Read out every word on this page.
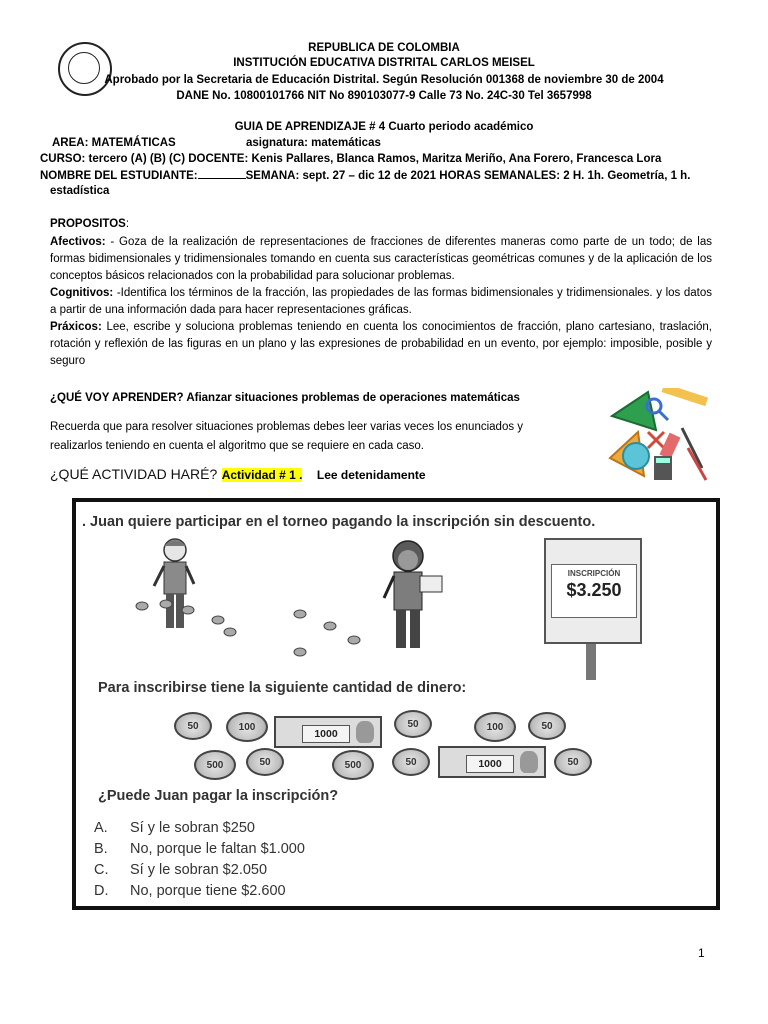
REPUBLICA DE COLOMBIA
INSTITUCIÓN EDUCATIVA DISTRITAL CARLOS MEISEL
Aprobado por la Secretaria de Educación Distrital. Según Resolución 001368 de noviembre 30 de 2004
DANE No. 10800101766 NIT No 890103077-9 Calle 73 No. 24C-30 Tel 3657998
GUIA DE APRENDIZAJE # 4 Cuarto periodo académico
AREA: MATEMÁTICAS	asignatura: matemáticas
CURSO: tercero (A) (B) (C) DOCENTE: Kenis Pallares, Blanca Ramos, Maritza Meriño, Ana Forero, Francesca Lora
NOMBRE DEL ESTUDIANTE:	SEMANA: sept. 27 – dic 12 de 2021 HORAS SEMANALES: 2 H. 1h. Geometría, 1 h.
estadística
PROPOSITOS:
Afectivos: - Goza de la realización de representaciones de fracciones de diferentes maneras como parte de un todo; de las formas bidimensionales y tridimensionales tomando en cuenta sus características geométricas comunes y de la aplicación de los conceptos básicos relacionados con la probabilidad para solucionar problemas.
Cognitivos: -Identifica los términos de la fracción, las propiedades de las formas bidimensionales y tridimensionales. y los datos a partir de una información dada para hacer representaciones gráficas.
Práxicos: Lee, escribe y soluciona problemas teniendo en cuenta los conocimientos de fracción, plano cartesiano, traslación, rotación y reflexión de las figuras en un plano y las expresiones de probabilidad en un evento, por ejemplo: imposible, posible y seguro
¿QUÉ VOY APRENDER? Afianzar situaciones problemas de operaciones matemáticas
Recuerda que para resolver situaciones problemas debes leer varias veces los enunciados y
realizarlos teniendo en cuenta el algoritmo que se requiere en cada caso.
¿QUÉ ACTIVIDAD HARÉ? Actividad # 1 . Lee detenidamente
. Juan quiere participar en el torneo pagando la inscripción sin descuento.
INSCRIPCIÓN
$3.250
Para inscribirse tiene la siguiente cantidad de dinero:
50	100
1000
50	100	50
500	50	500	50	1000	50
¿Puede Juan pagar la inscripción?
A. Sí y le sobran $250
B. No, porque le faltan $1.000
C. Sí y le sobran $2.050
D. No, porque tiene $2.600
1
